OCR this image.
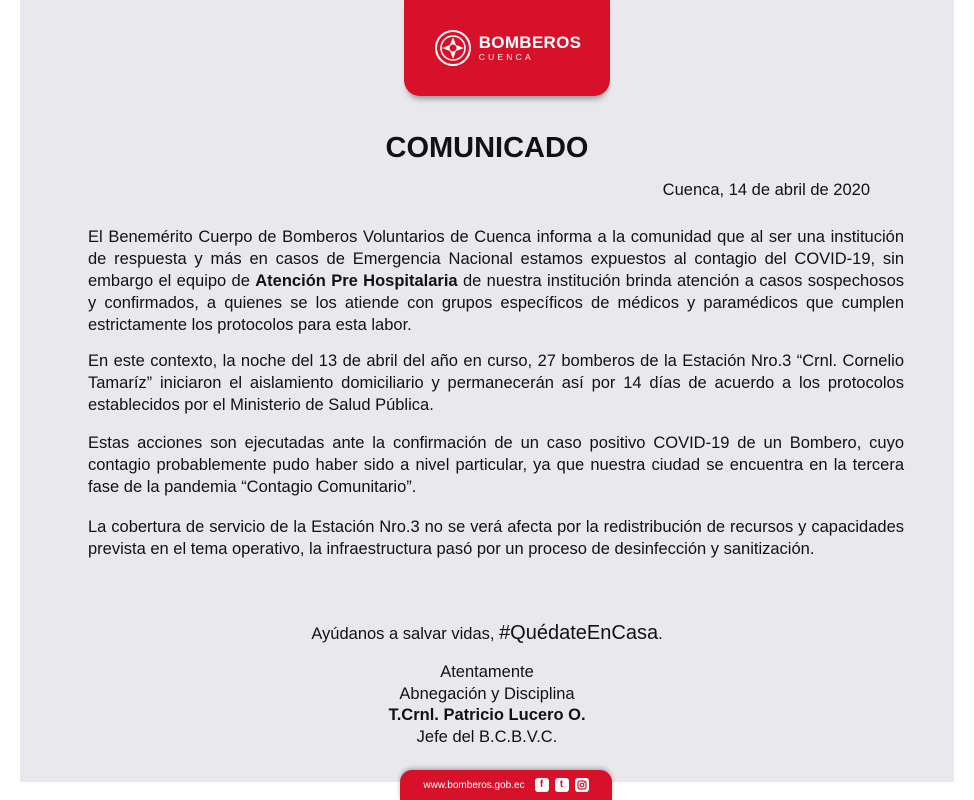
BOMBEROS
CUENCA
COMUNICADO
Cuenca, 14 de abril de 2020
El Benemérito Cuerpo de Bomberos Voluntarios de Cuenca informa a la comunidad que al ser una institución de respuesta y más en casos de Emergencia Nacional estamos expuestos al contagio del COVID-19, sin embargo el equipo de Atención Pre Hospitalaria de nuestra institución brinda atención a casos sospechosos y confirmados, a quienes se los atiende con grupos específicos de médicos y paramédicos que cumplen estrictamente los protocolos para esta labor.
En este contexto, la noche del 13 de abril del año en curso, 27 bomberos de la Estación Nro.3 “Crnl. Cornelio Tamaríz” iniciaron el aislamiento domiciliario y permanecerán así por 14 días de acuerdo a los protocolos establecidos por el Ministerio de Salud Pública.
Estas acciones son ejecutadas ante la confirmación de un caso positivo COVID-19 de un Bombero, cuyo contagio probablemente pudo haber sido a nivel particular, ya que nuestra ciudad se encuentra en la tercera fase de la pandemia “Contagio Comunitario”.
La cobertura de servicio de la Estación Nro.3 no se verá afecta por la redistribución de recursos y capacidades prevista en el tema operativo, la infraestructura pasó por un proceso de desinfección y sanitización.
Ayúdanos a salvar vidas, #QuédateEnCasa.
Atentamente
Abnegación y Disciplina
T.Crnl. Patricio Lucero O.
Jefe del B.C.B.V.C.
www.bomberos.gob.ec	f	t
